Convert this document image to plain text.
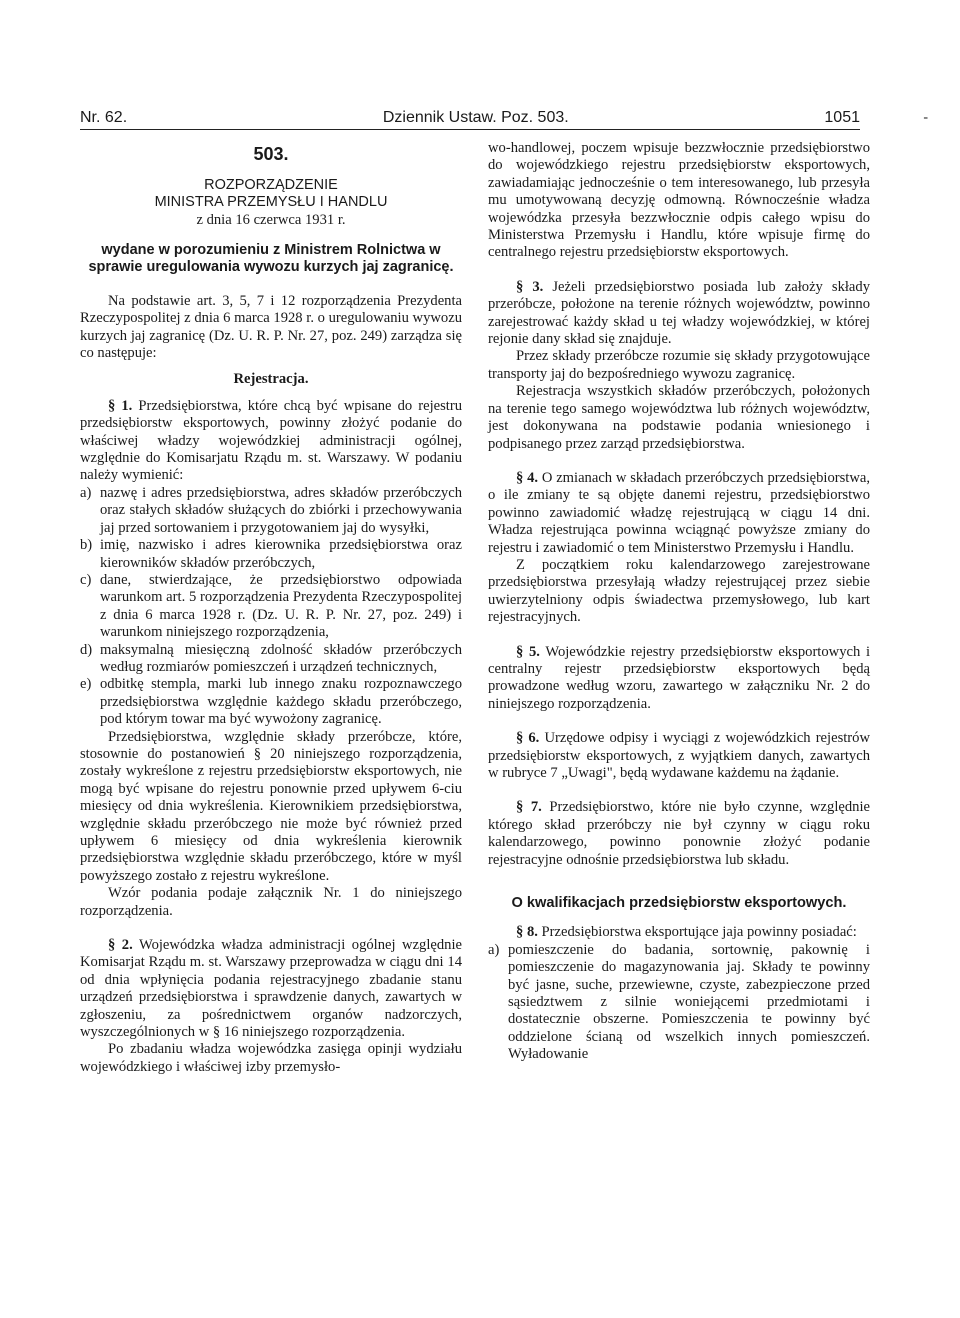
Nr. 62.	Dziennik Ustaw. Poz. 503.	1051	-
503.
ROZPORZĄDZENIE
MINISTRA PRZEMYSŁU I HANDLU
z dnia 16 czerwca 1931 r.
wydane w porozumieniu z Ministrem Rolnictwa w sprawie uregulowania wywozu kurzych jaj zagranicę.

Na podstawie art. 3, 5, 7 i 12 rozporządzenia Prezydenta Rzeczypospolitej z dnia 6 marca 1928 r. o uregulowaniu wywozu kurzych jaj zagranicę (Dz. U. R. P. Nr. 27, poz. 249) zarządza się co następuje:

Rejestracja.

§ 1. Przedsiębiorstwa, które chcą być wpisane do rejestru przedsiębiorstw eksportowych, powinny złożyć podanie do właściwej władzy wojewódzkiej administracji ogólnej, względnie do Komisarjatu Rządu m. st. Warszawy. W podaniu należy wymienić:

a) nazwę i adres przedsiębiorstwa, adres składów przeróbczych oraz stałych składów służących do zbiórki i przechowywania jaj przed sortowaniem i przygotowaniem jaj do wysyłki,
b) imię, nazwisko i adres kierownika przedsiębiorstwa oraz kierowników składów przeróbczych,
c) dane, stwierdzające, że przedsiębiorstwo odpowiada warunkom art. 5 rozporządzenia Prezydenta Rzeczypospolitej z dnia 6 marca 1928 r. (Dz. U. R. P. Nr. 27, poz. 249) i warunkom niniejszego rozporządzenia,
d) maksymalną miesięczną zdolność składów przeróbczych według rozmiarów pomieszczeń i urządzeń technicznych,
e) odbitkę stempla, marki lub innego znaku rozpoznawczego przedsiębiorstwa względnie każdego składu przeróbczego, pod którym towar ma być wywożony zagranicę.

Przedsiębiorstwa, względnie składy przeróbcze, które, stosownie do postanowień § 20 niniejszego rozporządzenia, zostały wykreślone z rejestru przedsiębiorstw eksportowych, nie mogą być wpisane do rejestru ponownie przed upływem 6-ciu miesięcy od dnia wykreślenia. Kierownikiem przedsiębiorstwa, względnie składu przeróbczego nie może być również przed upływem 6 miesięcy od dnia wykreślenia kierownik przedsiębiorstwa względnie składu przeróbczego, które w myśl powyższego zostało z rejestru wykreślone.

Wzór podania podaje załącznik Nr. 1 do niniejszego rozporządzenia.

§ 2. Wojewódzka władza administracji ogólnej względnie Komisarjat Rządu m. st. Warszawy przeprowadza w ciągu dni 14 od dnia wpłynięcia podania rejestracyjnego zbadanie stanu urządzeń przedsiębiorstwa i sprawdzenie danych, zawartych w zgłoszeniu, za pośrednictwem organów nadzorczych, wyszczególnionych w § 16 niniejszego rozporządzenia.

Po zbadaniu władza wojewódzka zasięga opinji wydziału wojewódzkiego i właściwej izby przemysło-

wo-handlowej, poczem wpisuje bezzwłocznie przedsiębiorstwo do wojewódzkiego rejestru przedsiębiorstw eksportowych, zawiadamiając jednocześnie o tem interesowanego, lub przesyła mu umotywowaną decyzję odmowną. Równocześnie władza wojewódzka przesyła bezzwłocznie odpis całego wpisu do Ministerstwa Przemysłu i Handlu, które wpisuje firmę do centralnego rejestru przedsiębiorstw eksportowych.

§ 3. Jeżeli przedsiębiorstwo posiada lub założy składy przeróbcze, położone na terenie różnych województw, powinno zarejestrować każdy skład u tej władzy wojewódzkiej, w której rejonie dany skład się znajduje.

Przez składy przeróbcze rozumie się składy przygotowujące transporty jaj do bezpośredniego wywozu zagranicę.

Rejestracja wszystkich składów przeróbczych, położonych na terenie tego samego województwa lub różnych województw, jest dokonywana na podstawie podania wniesionego i podpisanego przez zarząd przedsiębiorstwa.

§ 4. O zmianach w składach przeróbczych przedsiębiorstwa, o ile zmiany te są objęte danemi rejestru, przedsiębiorstwo powinno zawiadomić władzę rejestrującą w ciągu 14 dni. Władza rejestrująca powinna wciągnąć powyższe zmiany do rejestru i zawiadomić o tem Ministerstwo Przemysłu i Handlu.

Z początkiem roku kalendarzowego zarejestrowane przedsiębiorstwa przesyłają władzy rejestrującej przez siebie uwierzytelniony odpis świadectwa przemysłowego, lub kart rejestracyjnych.

§ 5. Wojewódzkie rejestry przedsiębiorstw eksportowych i centralny rejestr przedsiębiorstw eksportowych będą prowadzone według wzoru, zawartego w załączniku Nr. 2 do niniejszego rozporządzenia.

§ 6. Urzędowe odpisy i wyciągi z wojewódzkich rejestrów przedsiębiorstw eksportowych, z wyjątkiem danych, zawartych w rubryce 7 „Uwagi", będą wydawane każdemu na żądanie.

§ 7. Przedsiębiorstwo, które nie było czynne, względnie którego skład przeróbczy nie był czynny w ciągu roku kalendarzowego, powinno ponownie złożyć podanie rejestracyjne odnośnie przedsiębiorstwa lub składu.

O kwalifikacjach przedsiębiorstw eksportowych.

§ 8. Przedsiębiorstwa eksportujące jaja powinny posiadać:

a) pomieszczenie do badania, sortownię, pakownię i pomieszczenie do magazynowania jaj. Składy te powinny być jasne, suche, przewiewne, czyste, zabezpieczone przed sąsiedztwem z silnie woniejącemi przedmiotami i dostatecznie obszerne. Pomieszczenia te powinny być oddzielone ścianą od wszelkich innych pomieszczeń. Wyładowanie
